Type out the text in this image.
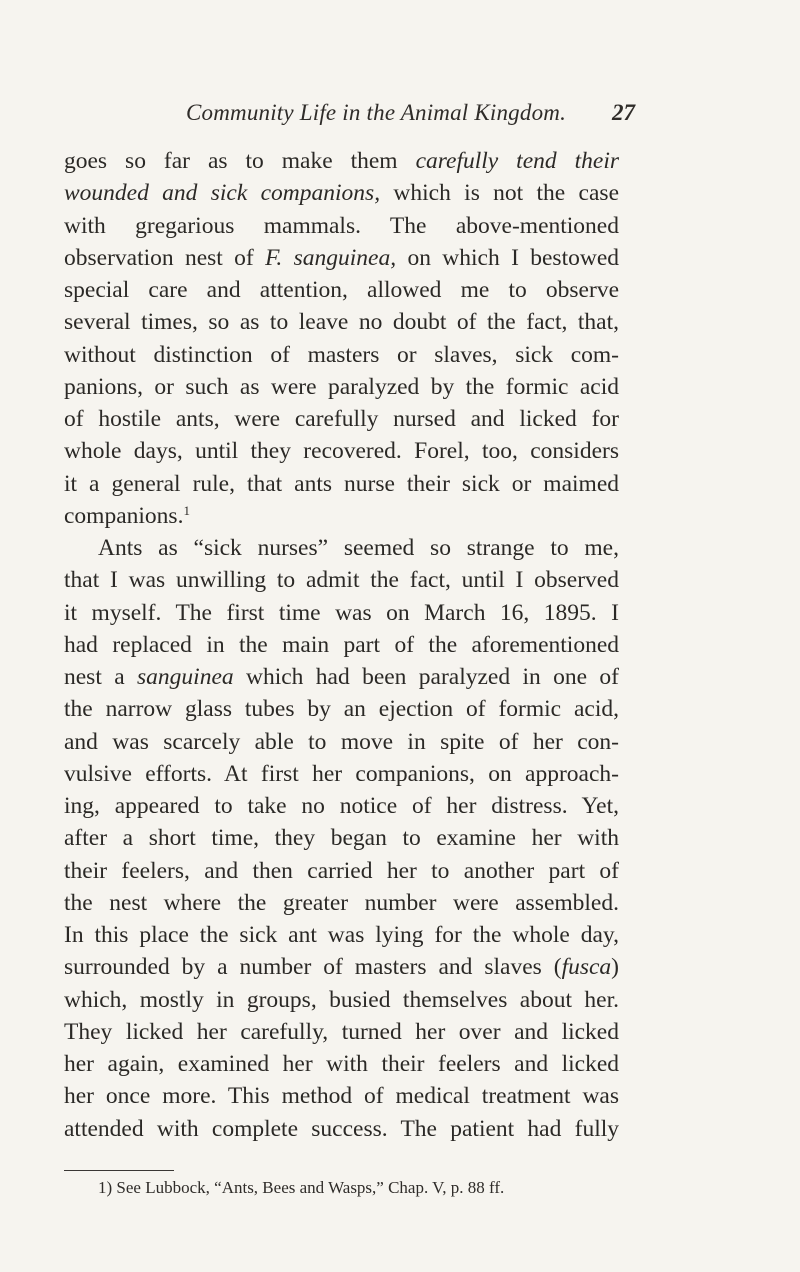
Community Life in the Animal Kingdom.	27
goes so far as to make them carefully tend their
wounded and sick companions, which is not the case
with gregarious mammals. The above-mentioned
observation nest of F. sanguinea, on which I bestowed
special care and attention, allowed me to observe
several times, so as to leave no doubt of the fact, that,
without distinction of masters or slaves, sick com-
panions, or such as were paralyzed by the formic acid
of hostile ants, were carefully nursed and licked for
whole days, until they recovered. Forel, too, considers
it a general rule, that ants nurse their sick or maimed
companions.$^1$
Ants as “sick nurses” seemed so strange to me,
that I was unwilling to admit the fact, until I observed
it myself. The first time was on March 16, 1895. I
had replaced in the main part of the aforementioned
nest a sanguinea which had been paralyzed in one of
the narrow glass tubes by an ejection of formic acid,
and was scarcely able to move in spite of her con-
vulsive efforts. At first her companions, on approach-
ing, appeared to take no notice of her distress. Yet,
after a short time, they began to examine her with
their feelers, and then carried her to another part of
the nest where the greater number were assembled.
In this place the sick ant was lying for the whole day,
surrounded by a number of masters and slaves (fusca)
which, mostly in groups, busied themselves about her.
They licked her carefully, turned her over and licked
her again, examined her with their feelers and licked
her once more. This method of medical treatment was
attended with complete success. The patient had fully
1) See Lubbock, “Ants, Bees and Wasps,” Chap. V, p. 88 ff.
